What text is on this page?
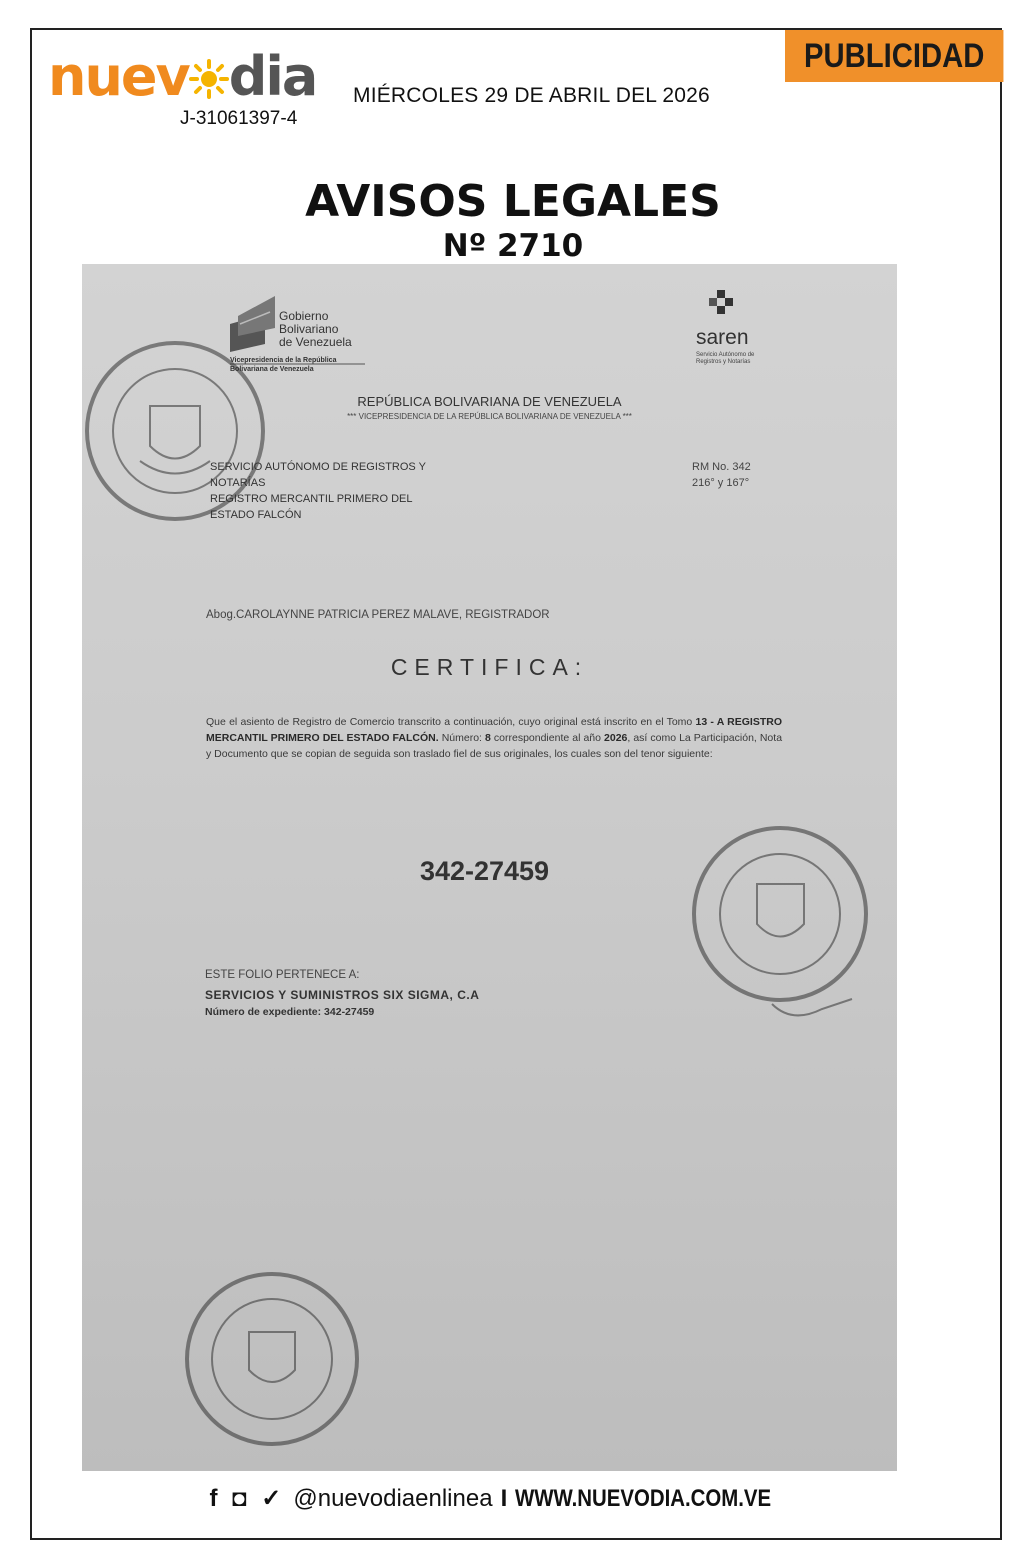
nuev dia
J-31061397-4
MIÉRCOLES 29 DE ABRIL DEL 2026
PUBLICIDAD
AVISOS LEGALES
Nº 2710
Gobierno
Bolivariano
de Venezuela
Vicepresidencia de la República
Bolivariana de Venezuela
saren
Servicio Autónomo de
Registros y Notarías
REPÚBLICA BOLIVARIANA DE VENEZUELA
*** VICEPRESIDENCIA DE LA REPÚBLICA BOLIVARIANA DE VENEZUELA ***
SERVICIO AUTÓNOMO DE REGISTROS Y
NOTARÍAS
REGISTRO MERCANTIL PRIMERO DEL
ESTADO FALCÓN
RM No. 342
216° y 167°
Abog.CAROLAYNNE PATRICIA PEREZ MALAVE, REGISTRADOR
CERTIFICA:
Que el asiento de Registro de Comercio transcrito a continuación, cuyo original está inscrito en el Tomo 13 - A REGISTRO MERCANTIL PRIMERO DEL ESTADO FALCÓN. Número: 8 correspondiente al año 2026, así como La Participación, Nota y Documento que se copian de seguida son traslado fiel de sus originales, los cuales son del tenor siguiente:
342-27459
ESTE FOLIO PERTENECE A:
SERVICIOS Y SUMINISTROS SIX SIGMA, C.A
Número de expediente: 342-27459
f ◘ ✓ @nuevodiaenlinea I WWW.NUEVODIA.COM.VE
